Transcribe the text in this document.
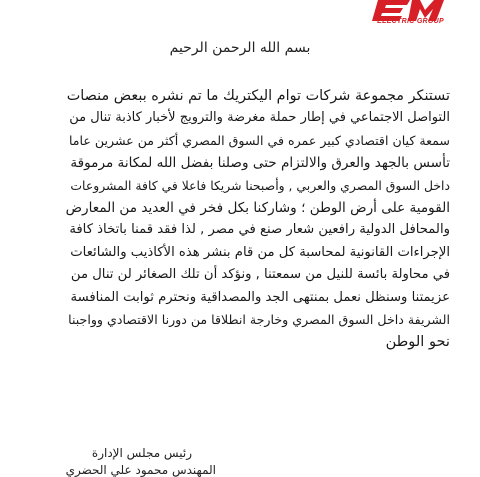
ELECTRIC GROUP
بسم الله الرحمن الرحيم
تستنكر مجموعة شركات توام اليكتريك ما تم نشره ببعض منصات
التواصل الاجتماعي في إطار حملة مغرضة والترويج لأخبار كاذبة تنال من
سمعة كيان اقتصادي كبير عمره في السوق المصري أكثر من عشرين عاما
تأسس بالجهد والعرق والالتزام حتى وصلنا بفضل الله لمكانة مرموقة
داخل السوق المصري والعربي , وأصبحنا شريكا فاعلا في كافة المشروعات
القومية على أرض الوطن ؛ وشاركنا بكل فخر في العديد من المعارض
والمحافل الدولية رافعين شعار صنع في مصر , لذا فقد قمنا باتخاذ كافة
الإجراءات القانونية لمحاسبة كل من قام بنشر هذه الأكاذيب والشائعات
في محاولة بائسة للنيل من سمعتنا , ونؤكد أن تلك الصغائر لن تنال من
عزيمتنا وسنظل نعمل بمنتهى الجد والمصداقية ونحترم ثوابت المنافسة
الشريفة داخل السوق المصري وخارجة انطلاقا من دورنا الاقتصادي وواجبنا
نحو الوطن
رئيس مجلس الإدارة
المهندس محمود علي الحضري
